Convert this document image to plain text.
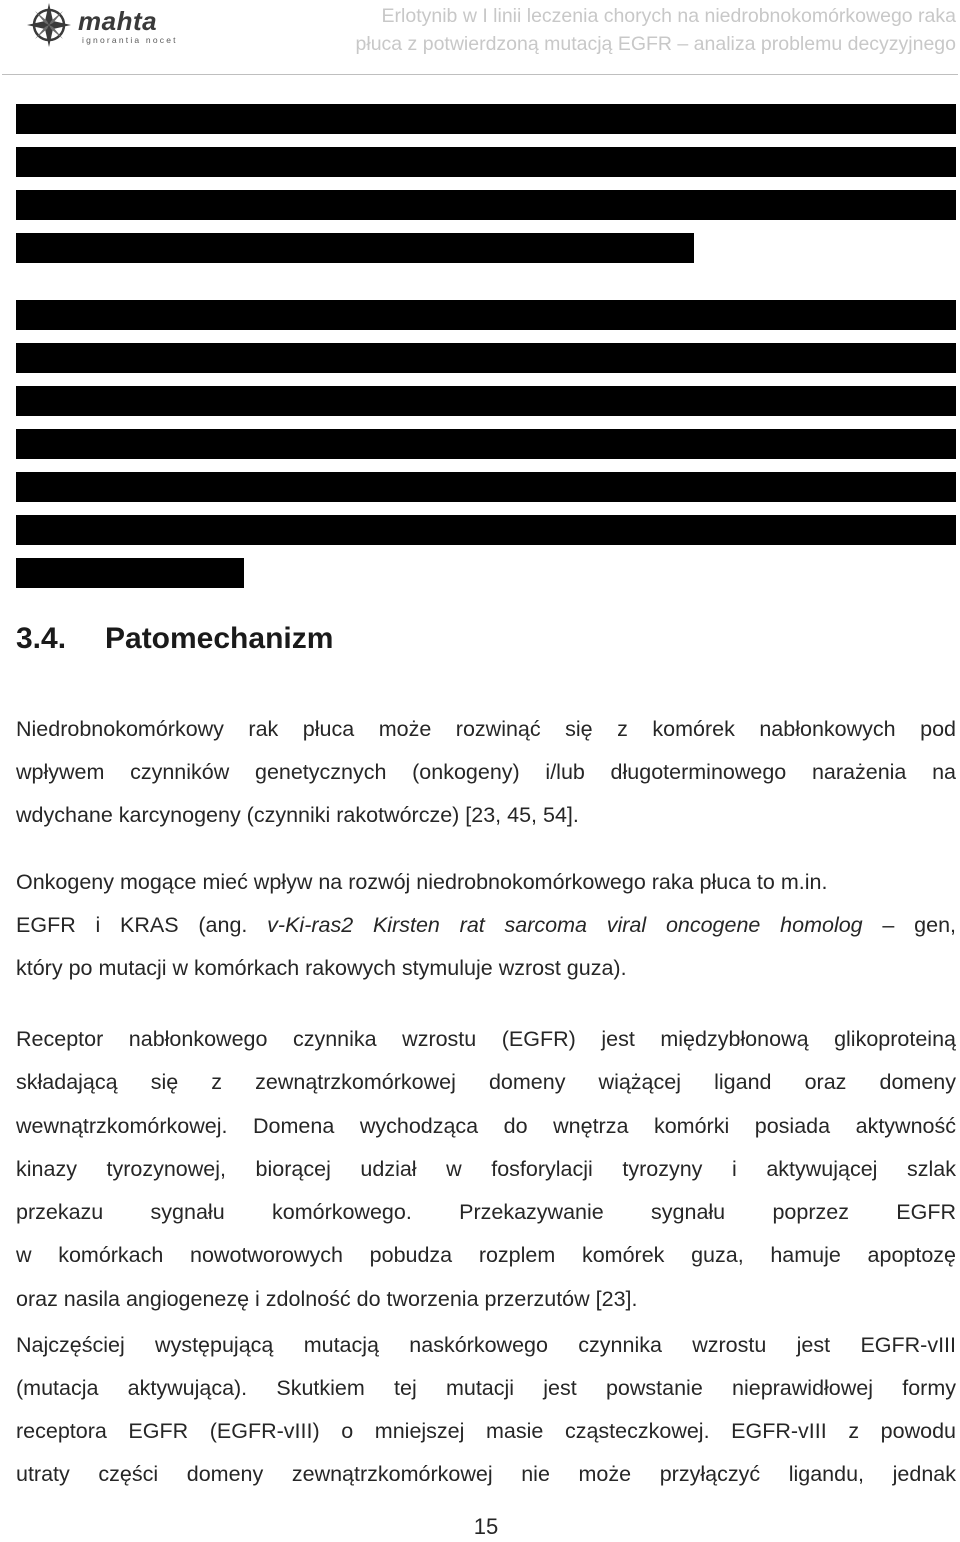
mahta
ignorantia nocet
Erlotynib w I linii leczenia chorych na niedrobnokomórkowego raka
płuca z potwierdzoną mutacją EGFR – analiza problemu decyzyjnego
3.4. Patomechanizm
Niedrobnokomórkowy rak płuca może rozwinąć się z komórek nabłonkowych pod
wpływem czynników genetycznych (onkogeny) i/lub długoterminowego narażenia na
wdychane karcynogeny (czynniki rakotwórcze) [23, 45, 54].
Onkogeny mogące mieć wpływ na rozwój niedrobnokomórkowego raka płuca to m.in.
EGFR i KRAS (ang. v-Ki-ras2 Kirsten rat sarcoma viral oncogene homolog – gen,
który po mutacji w komórkach rakowych stymuluje wzrost guza).
Receptor nabłonkowego czynnika wzrostu (EGFR) jest międzybłonową glikoproteiną
składającą się z zewnątrzkomórkowej domeny wiążącej ligand oraz domeny
wewnątrzkomórkowej. Domena wychodząca do wnętrza komórki posiada aktywność
kinazy tyrozynowej, biorącej udział w fosforylacji tyrozyny i aktywującej szlak
przekazu sygnału komórkowego. Przekazywanie sygnału poprzez EGFR
w komórkach nowotworowych pobudza rozplem komórek guza, hamuje apoptozę
oraz nasila angiogenezę i zdolność do tworzenia przerzutów [23].
Najczęściej występującą mutacją naskórkowego czynnika wzrostu jest EGFR-vIII
(mutacja aktywująca). Skutkiem tej mutacji jest powstanie nieprawidłowej formy
receptora EGFR (EGFR-vIII) o mniejszej masie cząsteczkowej. EGFR-vIII z powodu
utraty części domeny zewnątrzkomórkowej nie może przyłączyć ligandu, jednak
15
